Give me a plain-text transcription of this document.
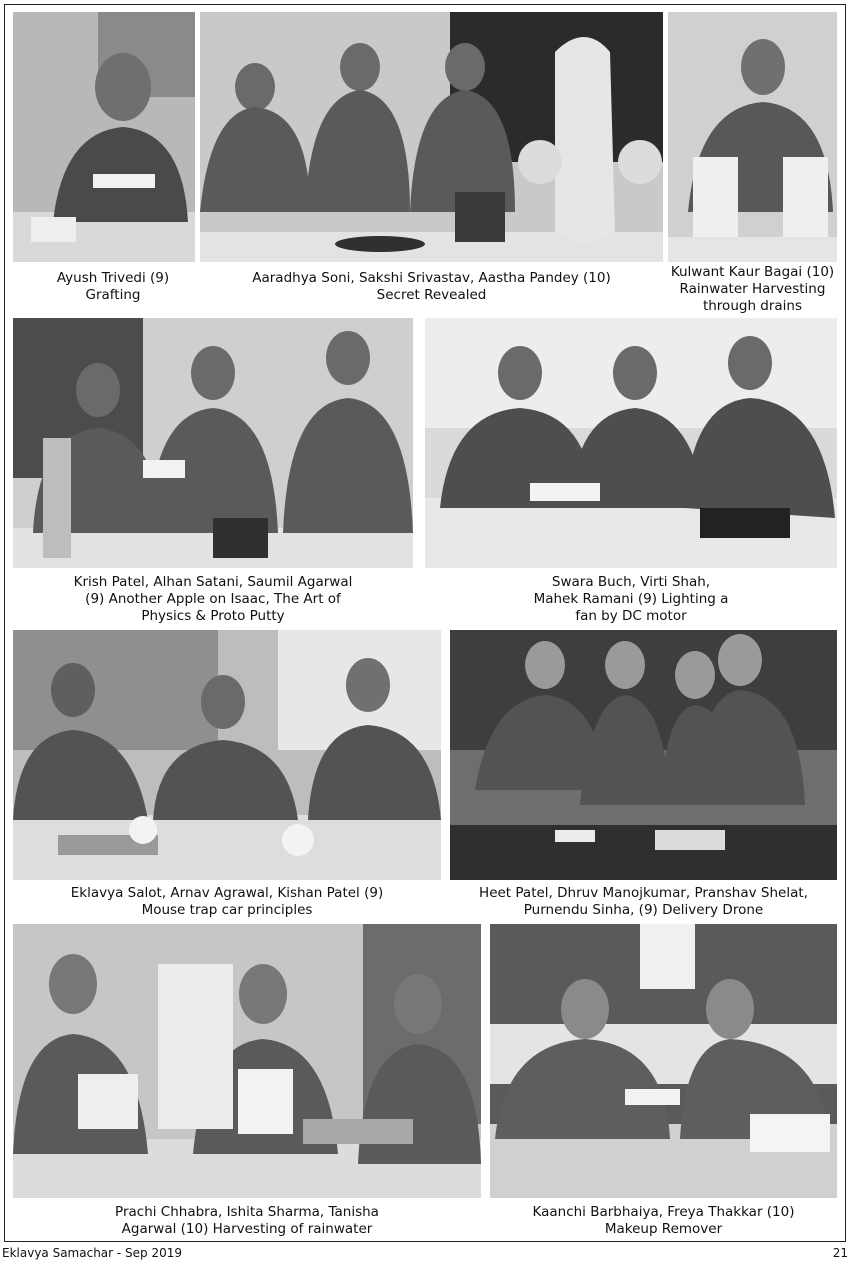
Ayush Trivedi (9)
Grafting
Aaradhya Soni, Sakshi Srivastav, Aastha Pandey (10)
Secret Revealed
Kulwant Kaur Bagai (10)
Rainwater Harvesting
through drains
Krish Patel, Alhan Satani, Saumil Agarwal
(9) Another Apple on Isaac, The Art of
Physics & Proto Putty
Swara Buch, Virti Shah,
Mahek Ramani (9) Lighting a
fan by DC motor
Eklavya Salot, Arnav Agrawal, Kishan Patel (9)
Mouse trap car principles
Heet Patel, Dhruv Manojkumar, Pranshav Shelat,
Purnendu Sinha, (9) Delivery Drone
Prachi Chhabra, Ishita Sharma, Tanisha
Agarwal (10) Harvesting of rainwater
Kaanchi Barbhaiya, Freya Thakkar (10)
Makeup Remover
Eklavya Samachar - Sep 2019	21
